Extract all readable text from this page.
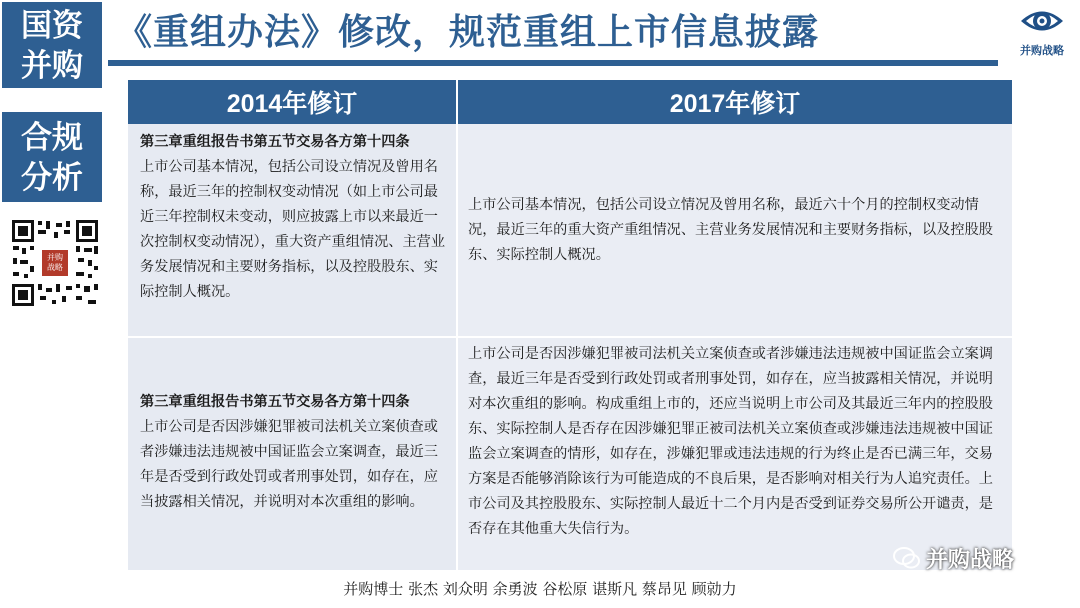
国资
并购
合规
分析
并购
战略
《重组办法》修改，规范重组上市信息披露	并购战略
2014年修订	2017年修订
第三章重组报告书第五节交易各方第十四条
上市公司基本情况，包括公司设立情况及曾用名称，最近三年的控制权变动情况（如上市公司最近三年控制权未变动，则应披露上市以来最近一次控制权变动情况），重大资产重组情况、主营业务发展情况和主要财务指标，以及控股股东、实际控制人概况。
上市公司基本情况，包括公司设立情况及曾用名称，最近六十个月的控制权变动情况，最近三年的重大资产重组情况、主营业务发展情况和主要财务指标，以及控股股东、实际控制人概况。
第三章重组报告书第五节交易各方第十四条
上市公司是否因涉嫌犯罪被司法机关立案侦查或者涉嫌违法违规被中国证监会立案调查，最近三年是否受到行政处罚或者刑事处罚，如存在，应当披露相关情况，并说明对本次重组的影响。
上市公司是否因涉嫌犯罪被司法机关立案侦查或者涉嫌违法违规被中国证监会立案调查，最近三年是否受到行政处罚或者刑事处罚，如存在，应当披露相关情况，并说明对本次重组的影响。构成重组上市的，还应当说明上市公司及其最近三年内的控股股东、实际控制人是否存在因涉嫌犯罪正被司法机关立案侦查或涉嫌违法违规被中国证监会立案调查的情形，如存在，涉嫌犯罪或违法违规的行为终止是否已满三年，交易方案是否能够消除该行为可能造成的不良后果，是否影响对相关行为人追究责任。上市公司及其控股股东、实际控制人最近十二个月内是否受到证券交易所公开谴责，是否存在其他重大失信行为。
并购战略
并购博士 张杰 刘众明 余勇波 谷松原 谌斯凡 蔡昂见 顾勍力
